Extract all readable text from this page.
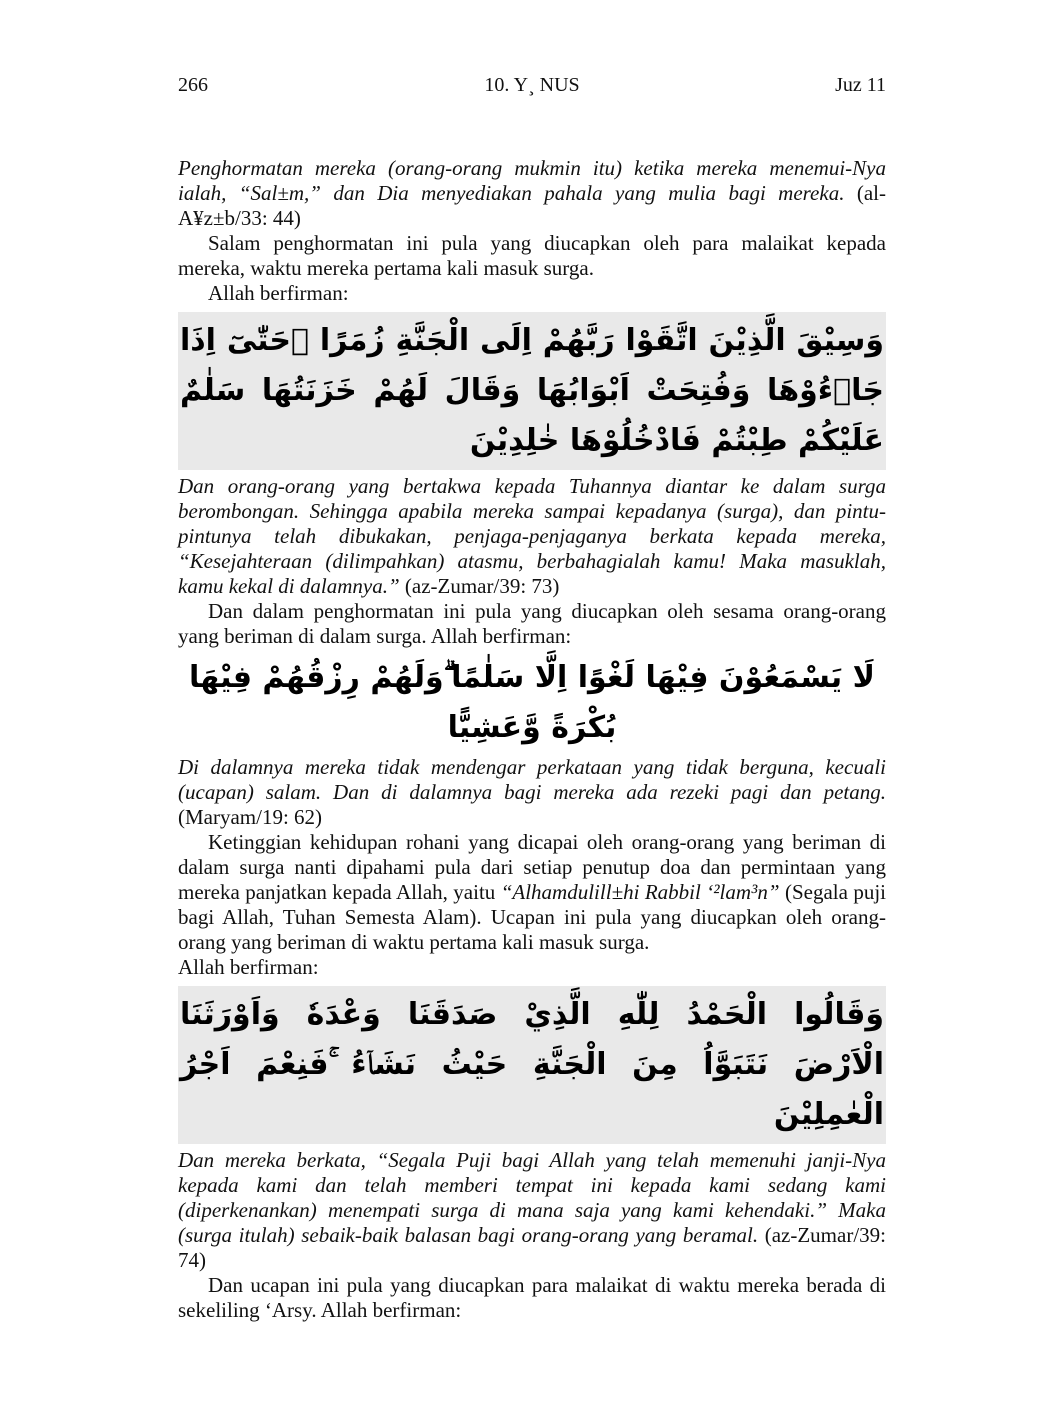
266	10. Y¸ NUS	Juz 11

Penghormatan mereka (orang-orang mukmin itu) ketika mereka menemui-Nya ialah, “Sal±m,” dan Dia menyediakan pahala yang mulia bagi mereka. (al-A¥z±b/33: 44)

Salam penghormatan ini pula yang diucapkan oleh para malaikat kepada mereka, waktu mereka pertama kali masuk surga.

Allah berfirman:

وَسِيْقَ الَّذِيْنَ اتَّقَوْا رَبَّهُمْ اِلَى الْجَنَّةِ زُمَرًا ۗحَتّٰىٓ اِذَا جَاۤءُوْهَا وَفُتِحَتْ اَبْوَابُهَا وَقَالَ لَهُمْ خَزَنَتُهَا سَلٰمٌ عَلَيْكُمْ طِبْتُمْ فَادْخُلُوْهَا خٰلِدِيْنَ

Dan orang-orang yang bertakwa kepada Tuhannya diantar ke dalam surga berombongan. Sehingga apabila mereka sampai kepadanya (surga), dan pintu-pintunya telah dibukakan, penjaga-penjaganya berkata kepada mereka, “Kesejahteraan (dilimpahkan) atasmu, berbahagialah kamu! Maka masuklah, kamu kekal di dalamnya.” (az-Zumar/39: 73)

Dan dalam penghormatan ini pula yang diucapkan oleh sesama orang-orang yang beriman di dalam surga. Allah berfirman:

لَا يَسْمَعُوْنَ فِيْهَا لَغْوًا اِلَّا سَلٰمًا ۗوَلَهُمْ رِزْقُهُمْ فِيْهَا بُكْرَةً وَّعَشِيًّا

Di dalamnya mereka tidak mendengar perkataan yang tidak berguna, kecuali (ucapan) salam. Dan di dalamnya bagi mereka ada rezeki pagi dan petang. (Maryam/19: 62)

Ketinggian kehidupan rohani yang dicapai oleh orang-orang yang beriman di dalam surga nanti dipahami pula dari setiap penutup doa dan permintaan yang mereka panjatkan kepada Allah, yaitu “Alhamdulill±hi Rabbil ‘²lam³n” (Segala puji bagi Allah, Tuhan Semesta Alam). Ucapan ini pula yang diucapkan oleh orang-orang yang beriman di waktu pertama kali masuk surga.

Allah berfirman:

وَقَالُوا الْحَمْدُ لِلّٰهِ الَّذِيْ صَدَقَنَا وَعْدَهٗ وَاَوْرَثَنَا الْاَرْضَ نَتَبَوَّاُ مِنَ الْجَنَّةِ حَيْثُ نَشَاۤءُ ۚفَنِعْمَ اَجْرُ الْعٰمِلِيْنَ

Dan mereka berkata, “Segala Puji bagi Allah yang telah memenuhi janji-Nya kepada kami dan telah memberi tempat ini kepada kami sedang kami (diperkenankan) menempati surga di mana saja yang kami kehendaki.” Maka (surga itulah) sebaik-baik balasan bagi orang-orang yang beramal. (az-Zumar/39: 74)

Dan ucapan ini pula yang diucapkan para malaikat di waktu mereka berada di sekeliling ‘Arsy. Allah berfirman:
